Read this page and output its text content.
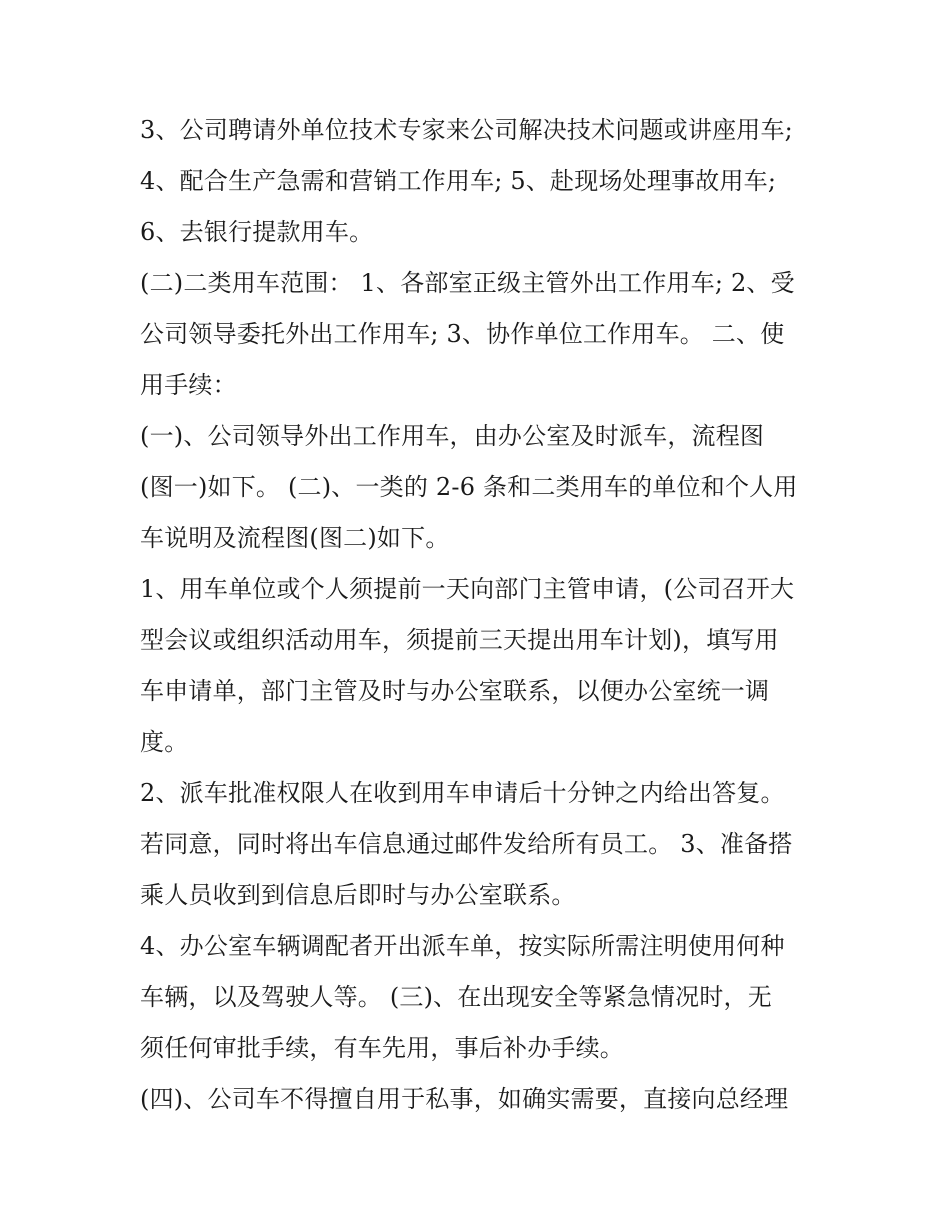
3、公司聘请外单位技术专家来公司解决技术问题或讲座用车;
4、配合生产急需和营销工作用车; 5、赴现场处理事故用车;
6、去银行提款用车。
(二)二类用车范围： 1、各部室正级主管外出工作用车; 2、受
公司领导委托外出工作用车; 3、协作单位工作用车。 二、使
用手续：
(一)、公司领导外出工作用车，由办公室及时派车，流程图
(图一)如下。 (二)、一类的 2-6 条和二类用车的单位和个人用
车说明及流程图(图二)如下。
1、用车单位或个人须提前一天向部门主管申请，(公司召开大
型会议或组织活动用车，须提前三天提出用车计划)，填写用
车申请单，部门主管及时与办公室联系，以便办公室统一调
度。
2、派车批准权限人在收到用车申请后十分钟之内给出答复。
若同意，同时将出车信息通过邮件发给所有员工。 3、准备搭
乘人员收到到信息后即时与办公室联系。
4、办公室车辆调配者开出派车单，按实际所需注明使用何种
车辆，以及驾驶人等。 (三)、在出现安全等紧急情况时，无
须任何审批手续，有车先用，事后补办手续。
(四)、公司车不得擅自用于私事，如确实需要，直接向总经理
